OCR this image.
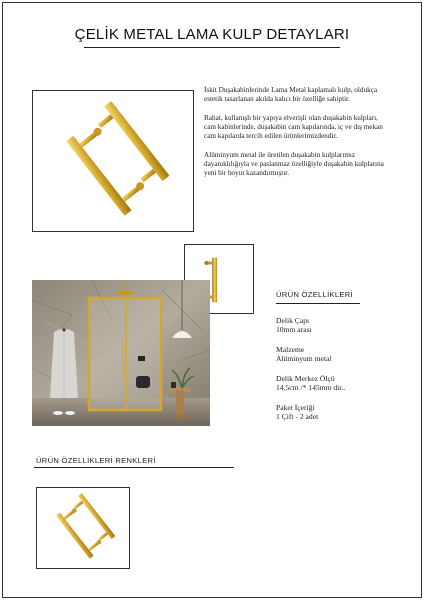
ÇELİK METAL LAMA KULP DETAYLARI

İskit Duşakabinlerinde Lama Metal kaplamalı kulp, oldukça estetik tasarlanan akılda kalıcı bir özelliğe sahiptir.

Rahat, kullanışlı bir yapıya elverişli olan duşakabin kulpları, cam kabinlerinde, duşakabin cam kapılarında, iç ve dış mekan cam kapılarda tercih edilen ürünlerimizdendir.

Alüminyum metal ile üretilen duşakabin kulplarımız dayanıklılığıyla ve paslanmaz özelliğiyle duşakabin kulplarına yeni bir boyut kazandırmıştır.

ÜRÜN ÖZELLİKLERİ
Delik Çapı
10mm arası
Malzeme
Alüminyum metal
Delik Merkez Ölçü
14,5cm /* 145mm dir..
Paket İçeriği
1 Çift - 2 adet
ÜRÜN ÖZELLİKLERİ RENKLERİ
